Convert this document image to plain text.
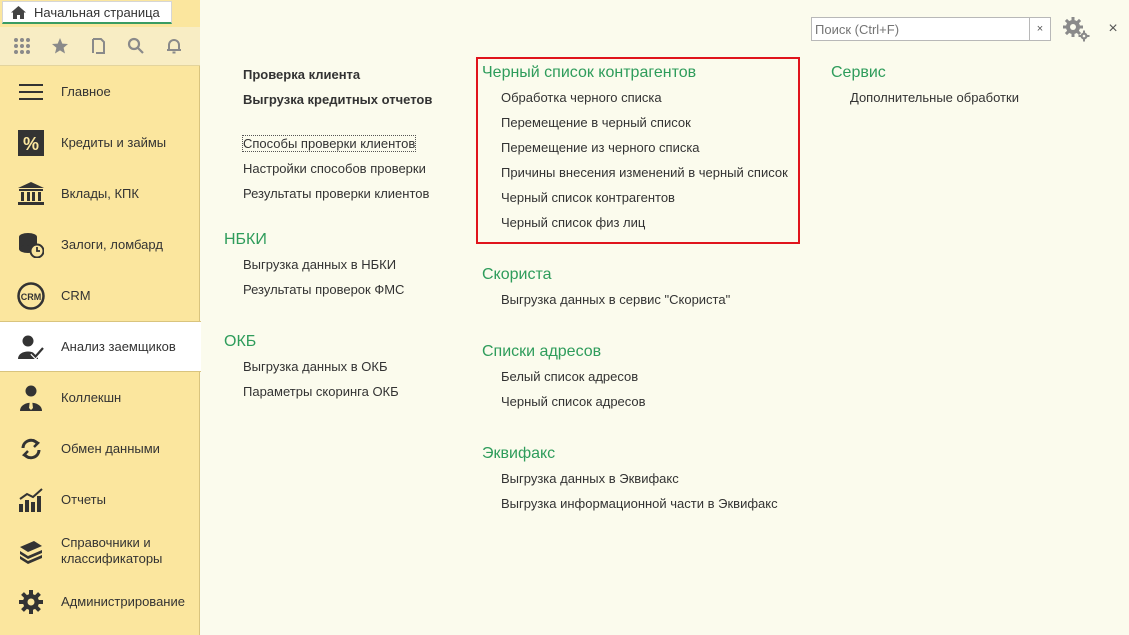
Начальная страница
Главное
% Кредиты и займы
Вклады, КПК
Залоги, ломбард
CRM CRM
Анализ заемщиков
Коллекшн
Обмен данными
Отчеты
Справочники и классификаторы
Администрирование
Поиск (Ctrl+F)
×	×
Проверка клиента
Выгрузка кредитных отчетов
Способы проверки клиентов
Настройки способов проверки
Результаты проверки клиентов
НБКИ
Выгрузка данных в НБКИ
Результаты проверок ФМС
ОКБ
Выгрузка данных в ОКБ
Параметры скоринга ОКБ
Черный список контрагентов
Обработка черного списка
Перемещение в черный список
Перемещение из черного списка
Причины внесения изменений в черный список
Черный список контрагентов
Черный список физ лиц
Скориста
Выгрузка данных в сервис "Скориста"
Списки адресов
Белый список адресов
Черный список адресов
Эквифакс
Выгрузка данных в Эквифакс
Выгрузка информационной части в Эквифакс
Сервис
Дополнительные обработки
